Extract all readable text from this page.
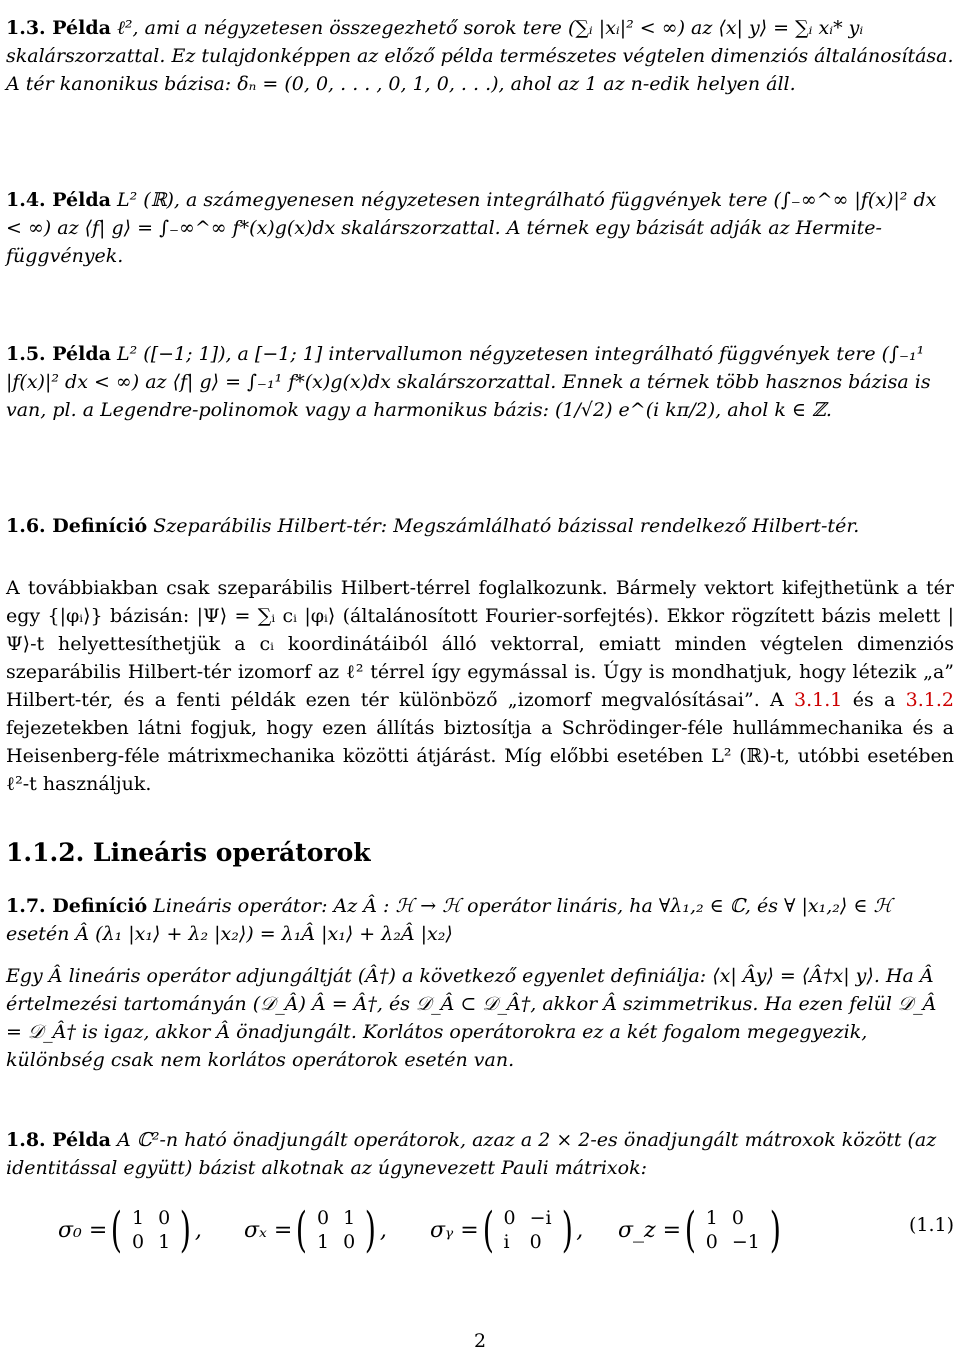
1.3. Példa ℓ², ami a négyzetesen összegezhető sorok tere (∑ᵢ |xᵢ|² < ∞) az ⟨x| y⟩ = ∑ᵢ xᵢ* yᵢ skalárszorzattal. Ez tulajdonképpen az előző példa természetes végtelen dimenziós általánosítása. A tér kanonikus bázisa: δₙ = (0, 0, . . . , 0, 1, 0, . . .), ahol az 1 az n-edik helyen áll.

1.4. Példa L² (ℝ), a számegyenesen négyzetesen integrálható függvények tere (∫₋∞^∞ |f(x)|² dx < ∞) az ⟨f| g⟩ = ∫₋∞^∞ f*(x)g(x)dx skalárszorzattal. A térnek egy bázisát adják az Hermite-függvények.

1.5. Példa L² ([−1; 1]), a [−1; 1] intervallumon négyzetesen integrálható függvények tere (∫₋₁¹ |f(x)|² dx < ∞) az ⟨f| g⟩ = ∫₋₁¹ f*(x)g(x)dx skalárszorzattal. Ennek a térnek több hasznos bázisa is van, pl. a Legendre-polinomok vagy a harmonikus bázis: (1/√2) e^(i kπ/2), ahol k ∈ ℤ.

1.6. Definíció Szeparábilis Hilbert-tér: Megszámlálható bázissal rendelkező Hilbert-tér.

A továbbiakban csak szeparábilis Hilbert-térrel foglalkozunk. Bármely vektort kifejthetünk a tér egy {|φᵢ⟩} bázisán: |Ψ⟩ = ∑ᵢ cᵢ |φᵢ⟩ (általánosított Fourier-sorfejtés). Ekkor rögzített bázis melett |Ψ⟩-t helyettesíthetjük a cᵢ koordinátáiból álló vektorral, emiatt minden végtelen dimenziós szeparábilis Hilbert-tér izomorf az ℓ² térrel így egymással is. Úgy is mondhatjuk, hogy létezik „a” Hilbert-tér, és a fenti példák ezen tér különböző „izomorf megvalósításai”. A 3.1.1 és a 3.1.2 fejezetekben látni fogjuk, hogy ezen állítás biztosítja a Schrödinger-féle hullámmechanika és a Heisenberg-féle mátrixmechanika közötti átjárást. Míg előbbi esetében L² (ℝ)-t, utóbbi esetében ℓ²-t használjuk.

1.1.2. Lineáris operátorok

1.7. Definíció Lineáris operátor: Az Â : ℋ → ℋ operátor lináris, ha ∀λ₁,₂ ∈ ℂ, és ∀ |x₁,₂⟩ ∈ ℋ esetén Â (λ₁ |x₁⟩ + λ₂ |x₂⟩) = λ₁Â |x₁⟩ + λ₂Â |x₂⟩

Egy Â lineáris operátor adjungáltját (Â†) a következő egyenlet definiálja: ⟨x| Ây⟩ = ⟨Â†x| y⟩. Ha Â értelmezési tartományán (𝒟_Â) Â = Â†, és 𝒟_Â ⊂ 𝒟_Â†, akkor Â szimmetrikus. Ha ezen felül 𝒟_Â = 𝒟_Â† is igaz, akkor Â önadjungált. Korlátos operátorokra ez a két fogalom megegyezik, különbség csak nem korlátos operátorok esetén van.

1.8. Példa A ℂ²-n ható önadjungált operátorok, azaz a 2 × 2-es önadjungált mátroxok között (az identitással együtt) bázist alkotnak az úgynevezett Pauli mátrixok:

σ₀ = ( 1 0
0 1 ) , σₓ = ( 0 1
1 0 ) , σᵧ = ( 0 −i
i	0 ) , σ_z = ( 1 0
0 −1 )	(1.1)
2
